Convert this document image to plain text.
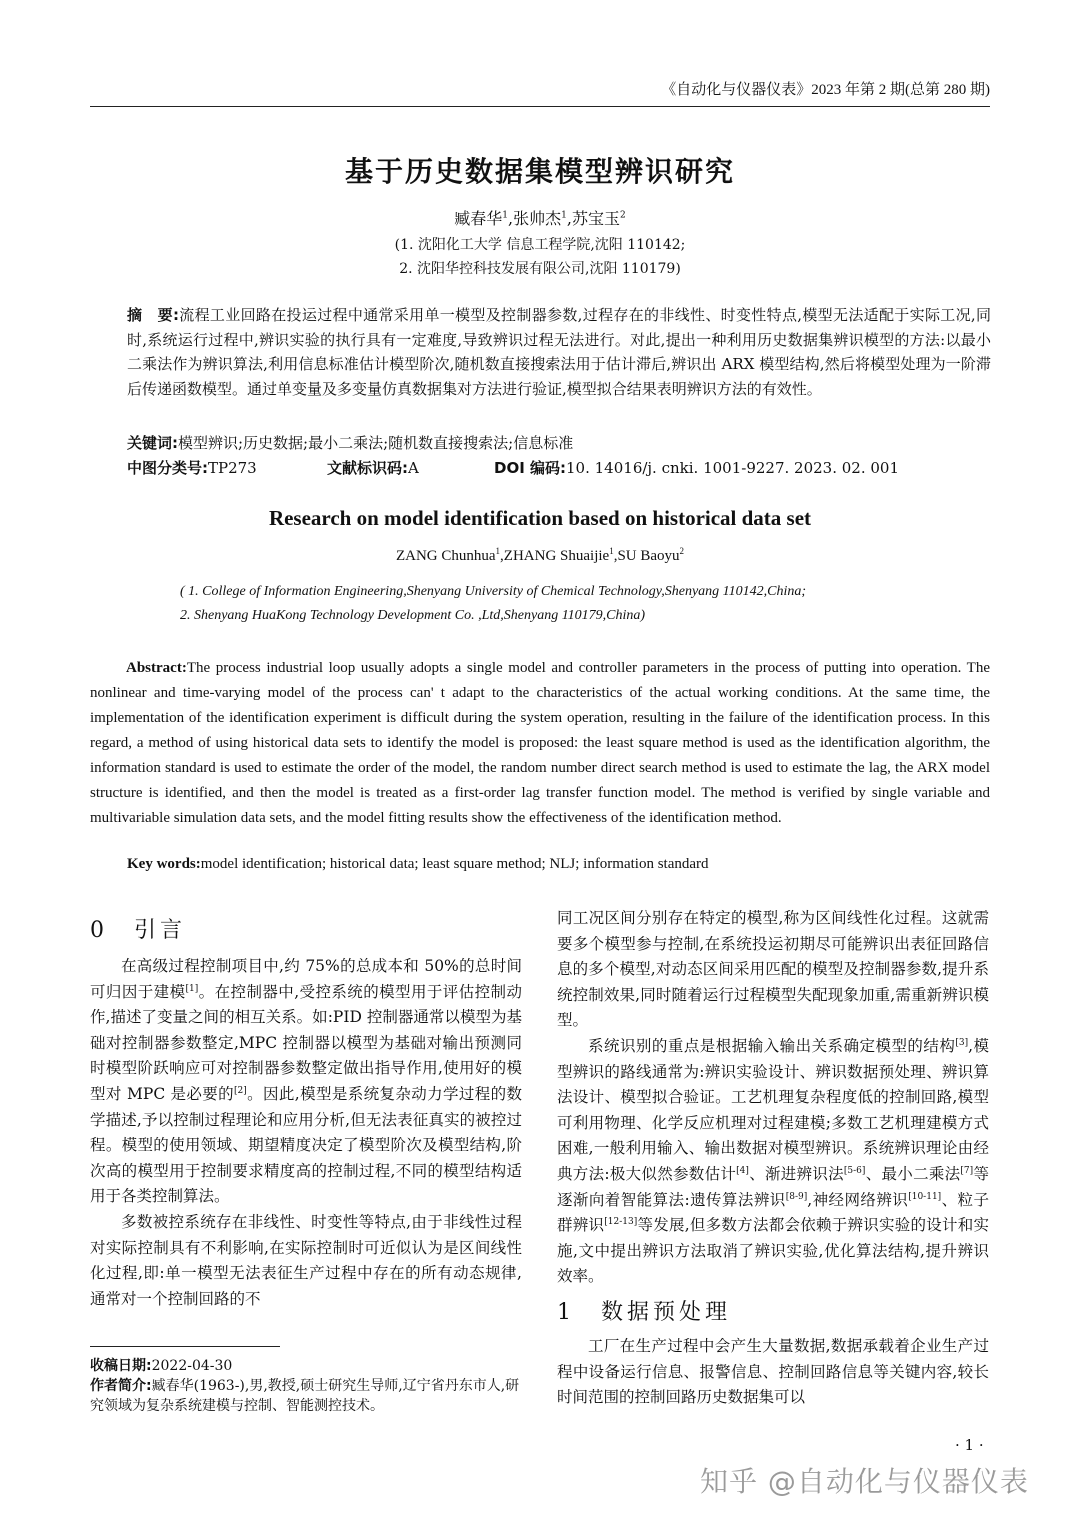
《自动化与仪器仪表》2023 年第 2 期(总第 280 期)
基于历史数据集模型辨识研究
臧春华$^1$,张帅杰$^1$,苏宝玉$^2$
(1. 沈阳化工大学 信息工程学院,沈阳 110142;
2. 沈阳华控科技发展有限公司,沈阳 110179)
摘　要:流程工业回路在投运过程中通常采用单一模型及控制器参数,过程存在的非线性、时变性特点,模型无法适配于实际工况,同时,系统运行过程中,辨识实验的执行具有一定难度,导致辨识过程无法进行。对此,提出一种利用历史数据集辨识模型的方法:以最小二乘法作为辨识算法,利用信息标准估计模型阶次,随机数直接搜索法用于估计滞后,辨识出 ARX 模型结构,然后将模型处理为一阶滞后传递函数模型。通过单变量及多变量仿真数据集对方法进行验证,模型拟合结果表明辨识方法的有效性。
关键词:模型辨识;历史数据;最小二乘法;随机数直接搜索法;信息标准
中图分类号:TP273	文献标识码:A	DOI 编码:10. 14016/j. cnki. 1001-9227. 2023. 02. 001
Research on model identification based on historical data set
ZANG Chunhua$^1$,ZHANG Shuaijie$^1$,SU Baoyu$^2$
( 1. College of Information Engineering,Shenyang University of Chemical Technology,Shenyang 110142,China;
2. Shenyang HuaKong Technology Development Co. ,Ltd,Shenyang 110179,China)
Abstract:The process industrial loop usually adopts a single model and controller parameters in the process of putting into operation. The nonlinear and time-varying model of the process can' t adapt to the characteristics of the actual working conditions. At the same time, the implementation of the identification experiment is difficult during the system operation, resulting in the failure of the identification process. In this regard, a method of using historical data sets to identify the model is proposed: the least square method is used as the identification algorithm, the information standard is used to estimate the order of the model, the random number direct search method is used to estimate the lag, the ARX model structure is identified, and then the model is treated as a first-order lag transfer function model. The method is verified by single variable and multivariable simulation data sets, and the model fitting results show the effectiveness of the identification method.
Key words:model identification; historical data; least square method; NLJ; information standard
0　引言

在高级过程控制项目中,约 75%的总成本和 50%的总时间可归因于建模[1]。在控制器中,受控系统的模型用于评估控制动作,描述了变量之间的相互关系。如:PID 控制器通常以模型为基础对控制器参数整定,MPC 控制器以模型为基础对输出预测同时模型阶跃响应可对控制器参数整定做出指导作用,使用好的模型对 MPC 是必要的[2]。因此,模型是系统复杂动力学过程的数学描述,予以控制过程理论和应用分析,但无法表征真实的被控过程。模型的使用领域、期望精度决定了模型阶次及模型结构,阶次高的模型用于控制要求精度高的控制过程,不同的模型结构适用于各类控制算法。

多数被控系统存在非线性、时变性等特点,由于非线性过程对实际控制具有不利影响,在实际控制时可近似认为是区间线性化过程,即:单一模型无法表征生产过程中存在的所有动态规律,通常对一个控制回路的不

同工况区间分别存在特定的模型,称为区间线性化过程。这就需要多个模型参与控制,在系统投运初期尽可能辨识出表征回路信息的多个模型,对动态区间采用匹配的模型及控制器参数,提升系统控制效果,同时随着运行过程模型失配现象加重,需重新辨识模型。

系统识别的重点是根据输入输出关系确定模型的结构[3],模型辨识的路线通常为:辨识实验设计、辨识数据预处理、辨识算法设计、模型拟合验证。工艺机理复杂程度低的控制回路,模型可利用物理、化学反应机理对过程建模;多数工艺机理建模方式困难,一般利用输入、输出数据对模型辨识。系统辨识理论由经典方法:极大似然参数估计[4]、渐进辨识法[5-6]、最小二乘法[7]等逐渐向着智能算法:遗传算法辨识[8-9],神经网络辨识[10-11]、粒子群辨识[12-13]等发展,但多数方法都会依赖于辨识实验的设计和实施,文中提出辨识方法取消了辨识实验,优化算法结构,提升辨识效率。

1　数据预处理

工厂在生产过程中会产生大量数据,数据承载着企业生产过程中设备运行信息、报警信息、控制回路信息等关键内容,较长时间范围的控制回路历史数据集可以

收稿日期:2022-04-30
作者简介:臧春华(1963-),男,教授,硕士研究生导师,辽宁省丹东市人,研究领域为复杂系统建模与控制、智能测控技术。
· 1 ·
知乎 @自动化与仪器仪表
